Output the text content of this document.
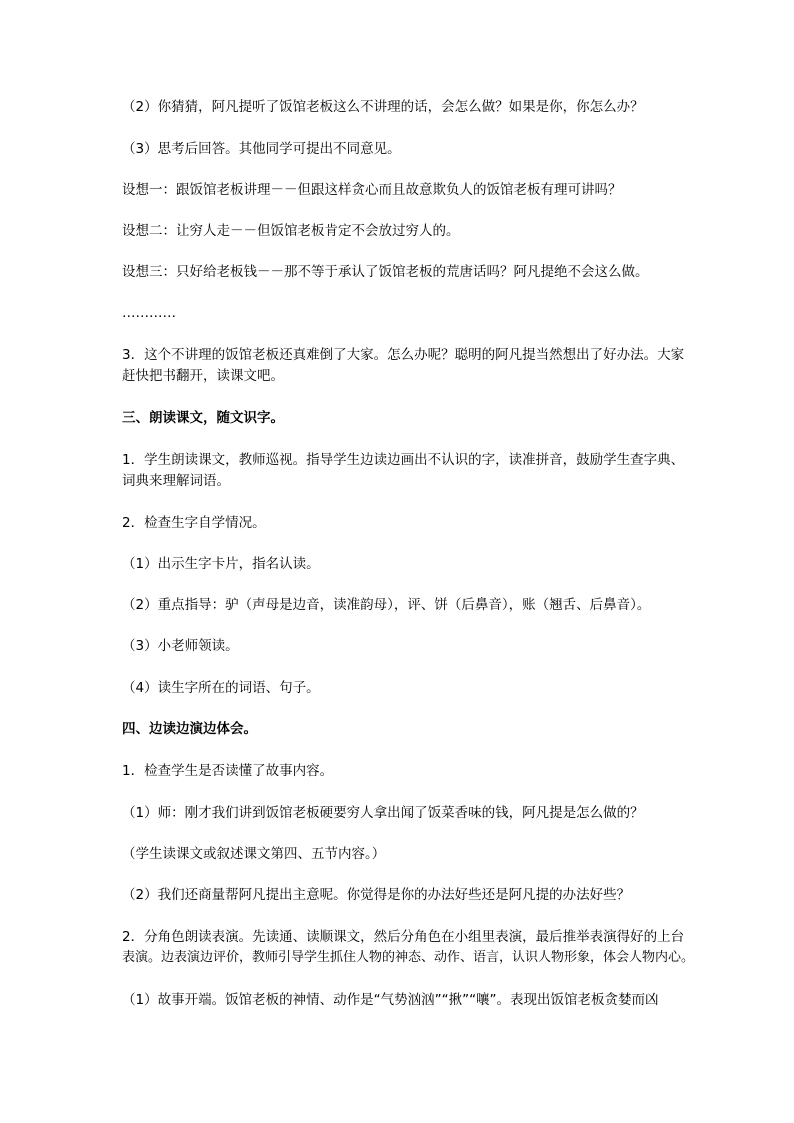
（2）你猜猜，阿凡提听了饭馆老板这么不讲理的话，会怎么做？如果是你，你怎么办？

（3）思考后回答。其他同学可提出不同意见。

设想一：跟饭馆老板讲理－－但跟这样贪心而且故意欺负人的饭馆老板有理可讲吗？

设想二：让穷人走－－但饭馆老板肯定不会放过穷人的。

设想三：只好给老板钱－－那不等于承认了饭馆老板的荒唐话吗？阿凡提绝不会这么做。

…………

3．这个不讲理的饭馆老板还真难倒了大家。怎么办呢？聪明的阿凡提当然想出了好办法。大家

赶快把书翻开，读课文吧。

三、朗读课文，随文识字。

1．学生朗读课文，教师巡视。指导学生边读边画出不认识的字，读准拼音，鼓励学生查字典、

词典来理解词语。

2．检查生字自学情况。

（1）出示生字卡片，指名认读。

（2）重点指导：驴（声母是边音，读准韵母），评、饼（后鼻音），账（翘舌、后鼻音）。

（3）小老师领读。

（4）读生字所在的词语、句子。

四、边读边演边体会。

1．检查学生是否读懂了故事内容。

（1）师：刚才我们讲到饭馆老板硬要穷人拿出闻了饭菜香味的钱，阿凡提是怎么做的？

（学生读课文或叙述课文第四、五节内容。）

（2）我们还商量帮阿凡提出主意呢。你觉得是你的办法好些还是阿凡提的办法好些？

2．分角色朗读表演。先读通、读顺课文，然后分角色在小组里表演，最后推举表演得好的上台

表演。边表演边评价，教师引导学生抓住人物的神态、动作、语言，认识人物形象，体会人物内心。

（1）故事开端。饭馆老板的神情、动作是“气势汹汹”“揪”“嚷”。表现出饭馆老板贪婪而凶
